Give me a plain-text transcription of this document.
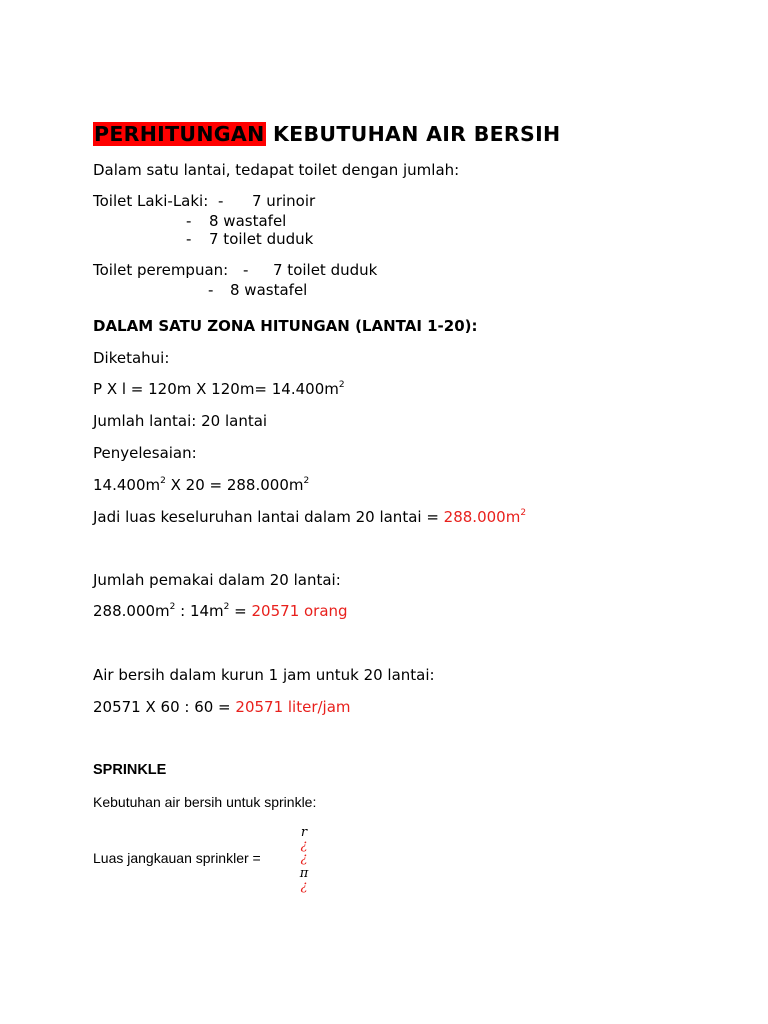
PERHITUNGAN KEBUTUHAN AIR BERSIH
Dalam satu lantai, tedapat toilet dengan jumlah:
Toilet Laki-Laki: - 7 urinoir
- 8 wastafel
- 7 toilet duduk
Toilet perempuan: - 7 toilet duduk
- 8 wastafel
DALAM SATU ZONA HITUNGAN (LANTAI 1-20):
Diketahui:
P X l = 120m X $120m= 14.400m^2$
Jumlah lantai: 20 lantai
Penyelesaian:
$14.400m^2$ X $20 = 288.000m^2$
Jadi luas keseluruhan lantai dalam 20 lantai = $288.000m^2$
Jumlah pemakai dalam 20 lantai:
$288.000m^2$ : $14m^2 = 20571$ orang
Air bersih dalam kurun 1 jam untuk 20 lantai:
20571 X 60 : 60 = 20571 liter/jam
SPRINKLE
Kebutuhan air bersih untuk sprinkle:
Luas jangkauan sprinkler =
r
¿
¿
π
¿
